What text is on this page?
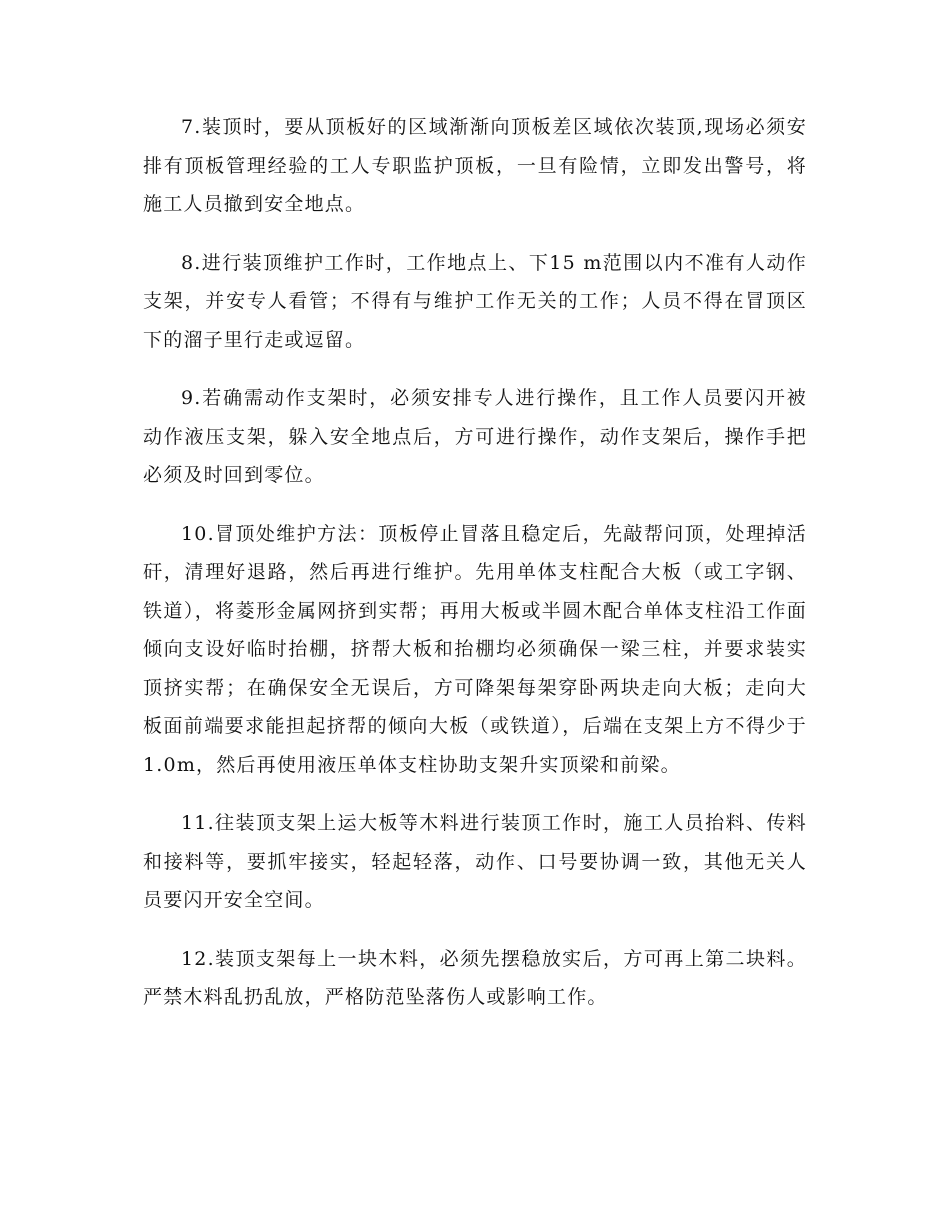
7.装顶时，要从顶板好的区域渐渐向顶板差区域依次装顶,现场必须安排有顶板管理经验的工人专职监护顶板，一旦有险情，立即发出警号，将施工人员撤到安全地点。

8.进行装顶维护工作时，工作地点上、下15 m范围以内不准有人动作支架，并安专人看管；不得有与维护工作无关的工作；人员不得在冒顶区下的溜子里行走或逗留。

9.若确需动作支架时，必须安排专人进行操作，且工作人员要闪开被动作液压支架，躲入安全地点后，方可进行操作，动作支架后，操作手把必须及时回到零位。

10.冒顶处维护方法：顶板停止冒落且稳定后，先敲帮问顶，处理掉活矸，清理好退路，然后再进行维护。先用单体支柱配合大板（或工字钢、铁道），将菱形金属网挤到实帮；再用大板或半圆木配合单体支柱沿工作面倾向支设好临时抬棚，挤帮大板和抬棚均必须确保一梁三柱，并要求装实顶挤实帮；在确保安全无误后，方可降架每架穿卧两块走向大板；走向大板面前端要求能担起挤帮的倾向大板（或铁道），后端在支架上方不得少于1.0m，然后再使用液压单体支柱协助支架升实顶梁和前梁。

11.往装顶支架上运大板等木料进行装顶工作时，施工人员抬料、传料和接料等，要抓牢接实，轻起轻落，动作、口号要协调一致，其他无关人员要闪开安全空间。

12.装顶支架每上一块木料，必须先摆稳放实后，方可再上第二块料。严禁木料乱扔乱放，严格防范坠落伤人或影响工作。
